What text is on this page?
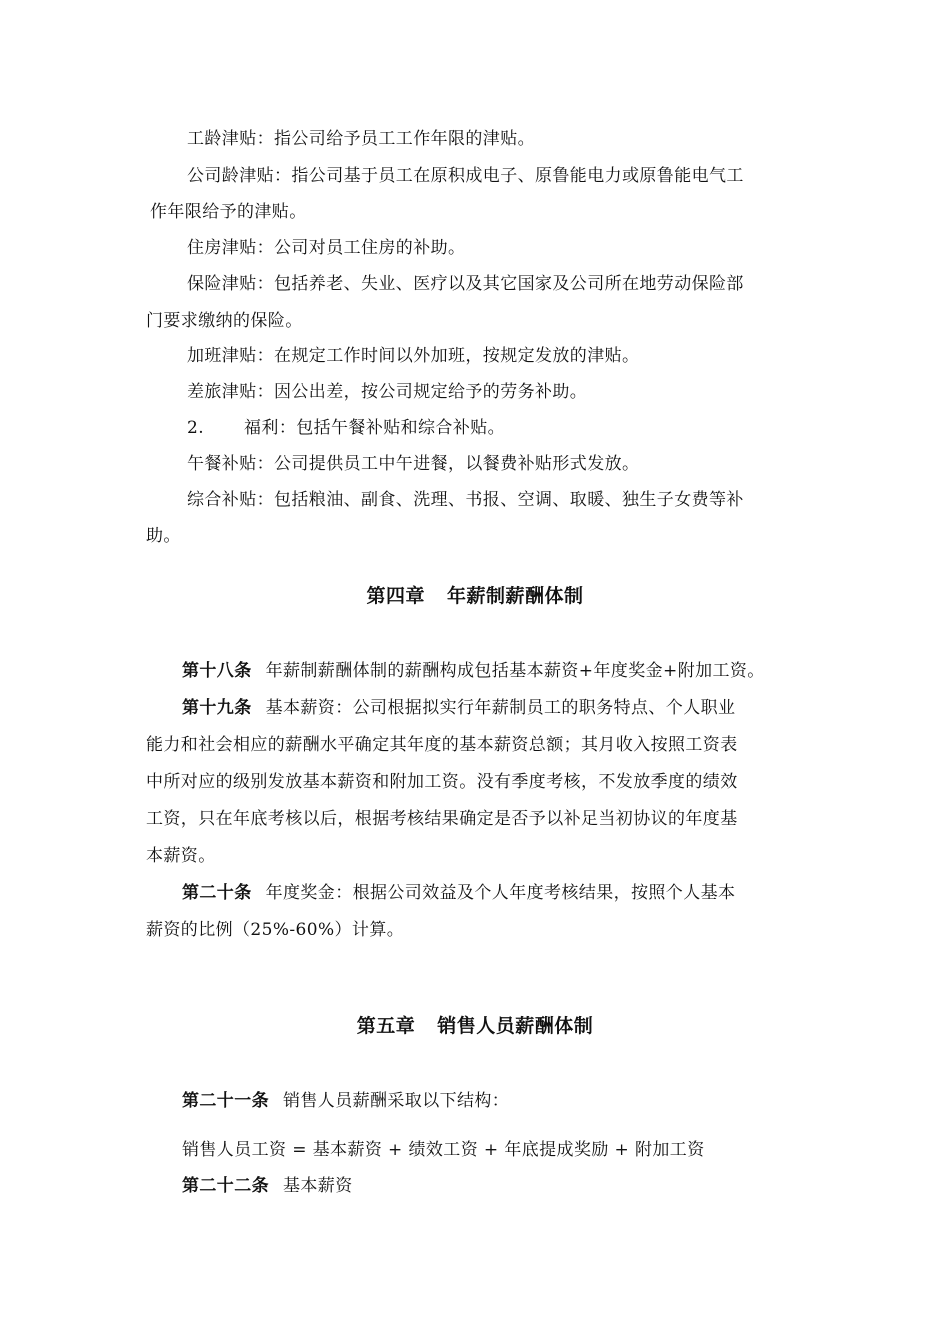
工龄津贴：指公司给予员工工作年限的津贴。
公司龄津贴：指公司基于员工在原积成电子、原鲁能电力或原鲁能电气工
作年限给予的津贴。
住房津贴：公司对员工住房的补助。
保险津贴：包括养老、失业、医疗以及其它国家及公司所在地劳动保险部
门要求缴纳的保险。
加班津贴：在规定工作时间以外加班，按规定发放的津贴。
差旅津贴：因公出差，按公司规定给予的劳务补助。
2. 福利：包括午餐补贴和综合补贴。
午餐补贴：公司提供员工中午进餐，以餐费补贴形式发放。
综合补贴：包括粮油、副食、洗理、书报、空调、取暖、独生子女费等补
助。
第四章 年薪制薪酬体制
第十八条 年薪制薪酬体制的薪酬构成包括基本薪资+年度奖金+附加工资。
第十九条 基本薪资：公司根据拟实行年薪制员工的职务特点、个人职业
能力和社会相应的薪酬水平确定其年度的基本薪资总额；其月收入按照工资表
中所对应的级别发放基本薪资和附加工资。没有季度考核，不发放季度的绩效
工资，只在年底考核以后，根据考核结果确定是否予以补足当初协议的年度基
本薪资。
第二十条 年度奖金：根据公司效益及个人年度考核结果，按照个人基本
薪资的比例（25%-60%）计算。
第五章 销售人员薪酬体制
第二十一条 销售人员薪酬采取以下结构：
销售人员工资 = 基本薪资 + 绩效工资 + 年底提成奖励 + 附加工资
第二十二条 基本薪资
